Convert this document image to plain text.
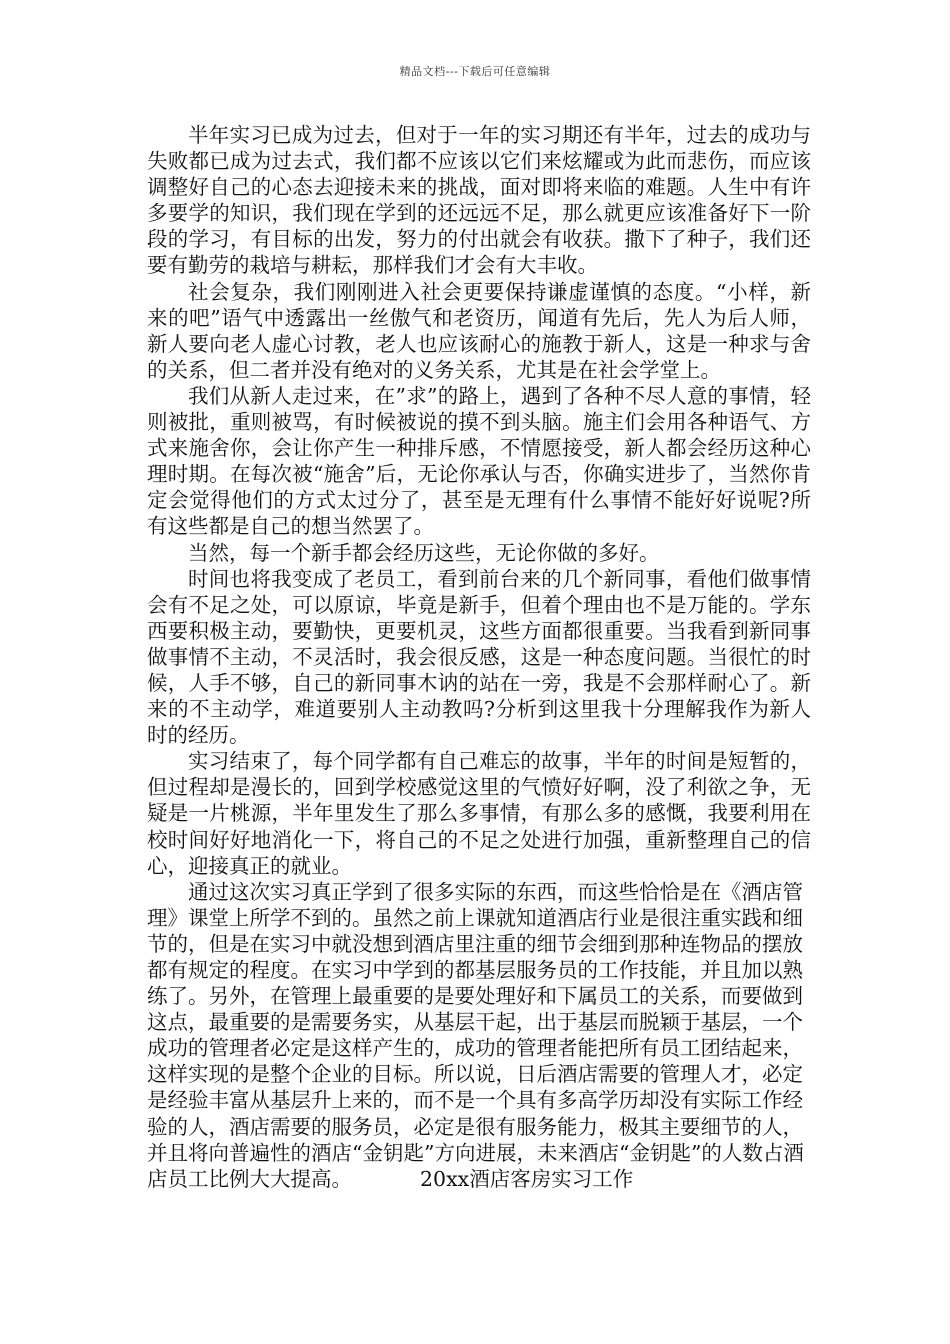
精品文档---下载后可任意编辑

半年实习已成为过去，但对于一年的实习期还有半年，过去的成功与失败都已成为过去式，我们都不应该以它们来炫耀或为此而悲伤，而应该调整好自己的心态去迎接未来的挑战，面对即将来临的难题。人生中有许多要学的知识，我们现在学到的还远远不足，那么就更应该准备好下一阶段的学习，有目标的出发，努力的付出就会有收获。撒下了种子，我们还要有勤劳的栽培与耕耘，那样我们才会有大丰收。

社会复杂，我们刚刚进入社会更要保持谦虚谨慎的态度。“小样，新来的吧”语气中透露出一丝傲气和老资历，闻道有先后，先人为后人师，新人要向老人虚心讨教，老人也应该耐心的施教于新人，这是一种求与舍的关系，但二者并没有绝对的义务关系，尤其是在社会学堂上。

我们从新人走过来，在”求”的路上，遇到了各种不尽人意的事情，轻则被批，重则被骂，有时候被说的摸不到头脑。施主们会用各种语气、方式来施舍你，会让你产生一种排斥感，不情愿接受，新人都会经历这种心理时期。在每次被“施舍”后，无论你承认与否，你确实进步了，当然你肯定会觉得他们的方式太过分了，甚至是无理有什么事情不能好好说呢?所有这些都是自己的想当然罢了。

当然，每一个新手都会经历这些，无论你做的多好。

时间也将我变成了老员工，看到前台来的几个新同事，看他们做事情会有不足之处，可以原谅，毕竟是新手，但着个理由也不是万能的。学东西要积极主动，要勤快，更要机灵，这些方面都很重要。当我看到新同事做事情不主动，不灵活时，我会很反感，这是一种态度问题。当很忙的时候，人手不够，自己的新同事木讷的站在一旁，我是不会那样耐心了。新来的不主动学，难道要别人主动教吗?分析到这里我十分理解我作为新人时的经历。

实习结束了，每个同学都有自己难忘的故事，半年的时间是短暂的，但过程却是漫长的，回到学校感觉这里的气愤好好啊，没了利欲之争，无疑是一片桃源，半年里发生了那么多事情，有那么多的感慨，我要利用在校时间好好地消化一下，将自己的不足之处进行加强，重新整理自己的信心，迎接真正的就业。

通过这次实习真正学到了很多实际的东西，而这些恰恰是在《酒店管理》课堂上所学不到的。虽然之前上课就知道酒店行业是很注重实践和细节的，但是在实习中就没想到酒店里注重的细节会细到那种连物品的摆放都有规定的程度。在实习中学到的都基层服务员的工作技能，并且加以熟练了。另外，在管理上最重要的是要处理好和下属员工的关系，而要做到这点，最重要的是需要务实，从基层干起，出于基层而脱颖于基层，一个成功的管理者必定是这样产生的，成功的管理者能把所有员工团结起来，这样实现的是整个企业的目标。所以说，日后酒店需要的管理人才，必定是经验丰富从基层升上来的，而不是一个具有多高学历却没有实际工作经验的人，酒店需要的服务员，必定是很有服务能力，极其主要细节的人，并且将向普遍性的酒店“金钥匙”方向进展，未来酒店“金钥匙”的人数占酒店员工比例大大提高。	20xx酒店客房实习工作
